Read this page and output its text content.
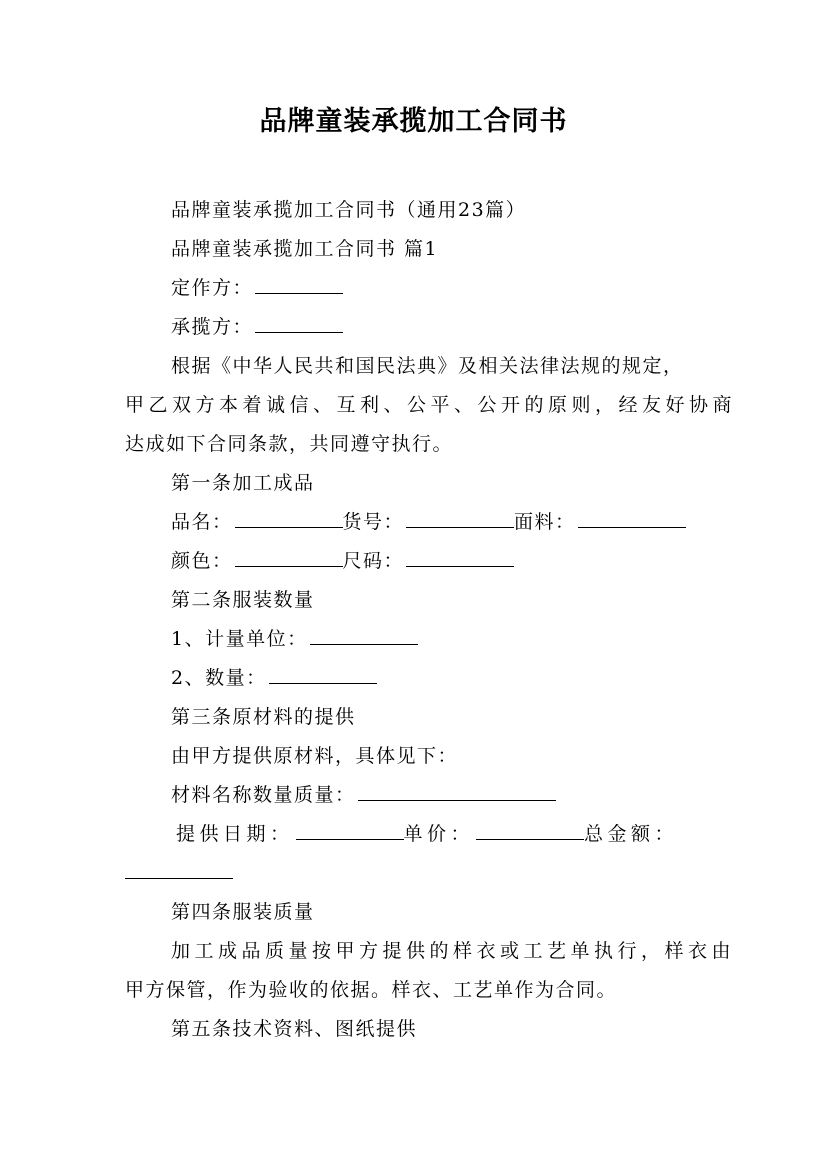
品牌童装承揽加工合同书
品牌童装承揽加工合同书（通用23篇）
品牌童装承揽加工合同书 篇1
定作方：
承揽方：
根据《中华人民共和国民法典》及相关法律法规的规定，
甲乙双方本着诚信、互利、公平、公开的原则，经友好协商
达成如下合同条款，共同遵守执行。
第一条加工成品
品名：	货号：	面料：
颜色：	尺码：
第二条服装数量
1、计量单位：
2、数量：
第三条原材料的提供
由甲方提供原材料，具体见下：
材料名称数量质量：
提供日期：	单价：	总金额：
第四条服装质量
加工成品质量按甲方提供的样衣或工艺单执行，样衣由
甲方保管，作为验收的依据。样衣、工艺单作为合同。
第五条技术资料、图纸提供
